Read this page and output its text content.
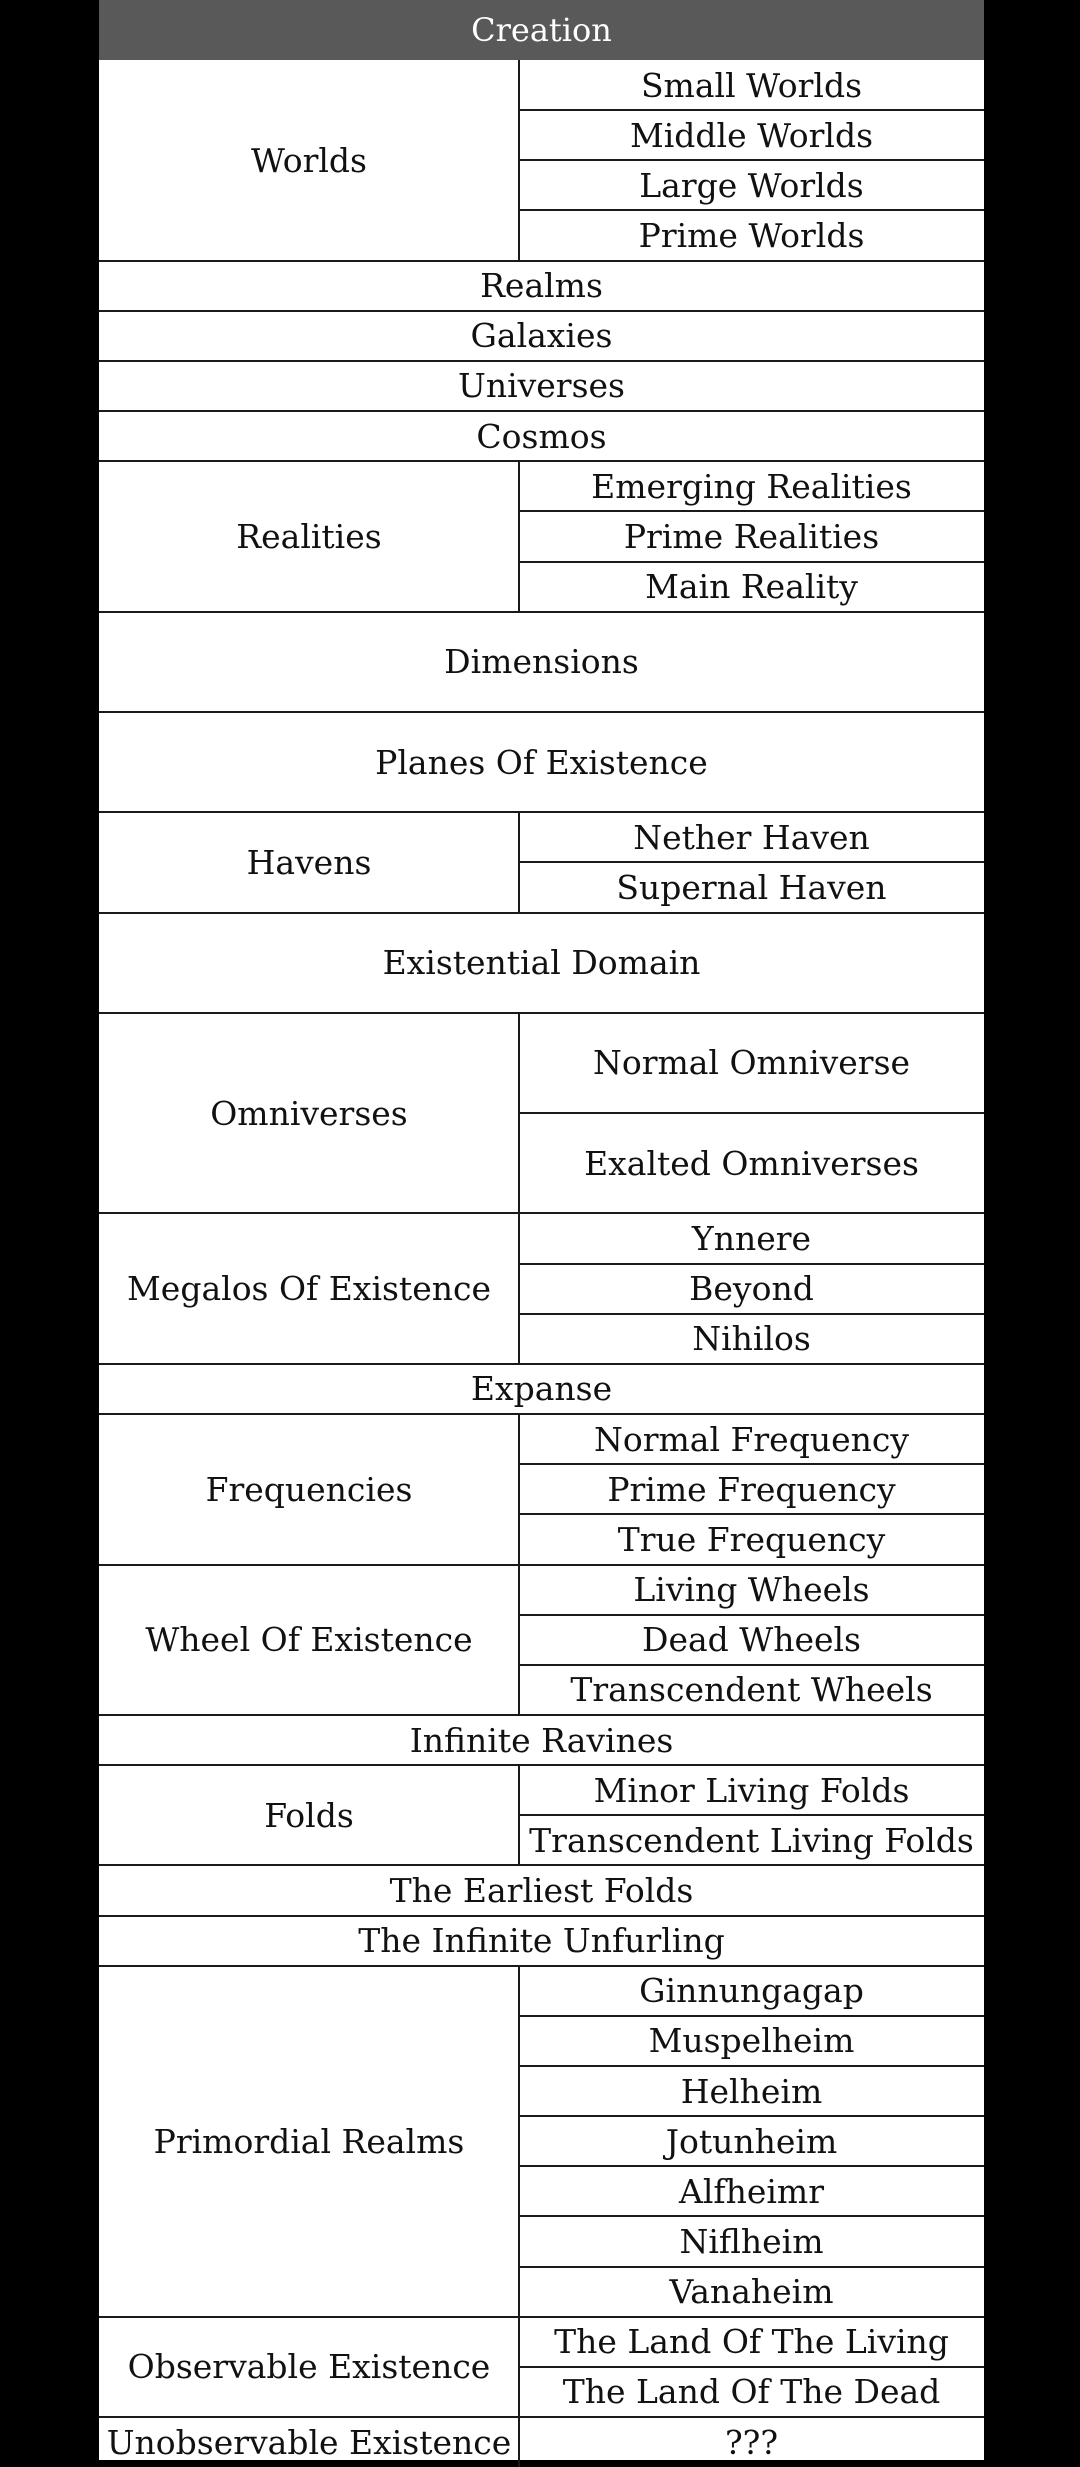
Creation
Worlds
Small Worlds
Middle Worlds
Large Worlds
Prime Worlds
Realms
Galaxies
Universes
Cosmos
Realities
Emerging Realities
Prime Realities
Main Reality
Dimensions
Planes Of Existence
Havens
Nether Haven
Supernal Haven
Existential Domain
Omniverses
Normal Omniverse
Exalted Omniverses
Megalos Of Existence
Ynnere
Beyond
Nihilos
Expanse
Frequencies
Normal Frequency
Prime Frequency
True Frequency
Wheel Of Existence
Living Wheels
Dead Wheels
Transcendent Wheels
Infinite Ravines
Folds
Minor Living Folds
Transcendent Living Folds
The Earliest Folds
The Infinite Unfurling
Primordial Realms
Ginnungagap
Muspelheim
Helheim
Jotunheim
Alfheimr
Niflheim
Vanaheim
Observable Existence
The Land Of The Living
The Land Of The Dead
Unobservable Existence	???
